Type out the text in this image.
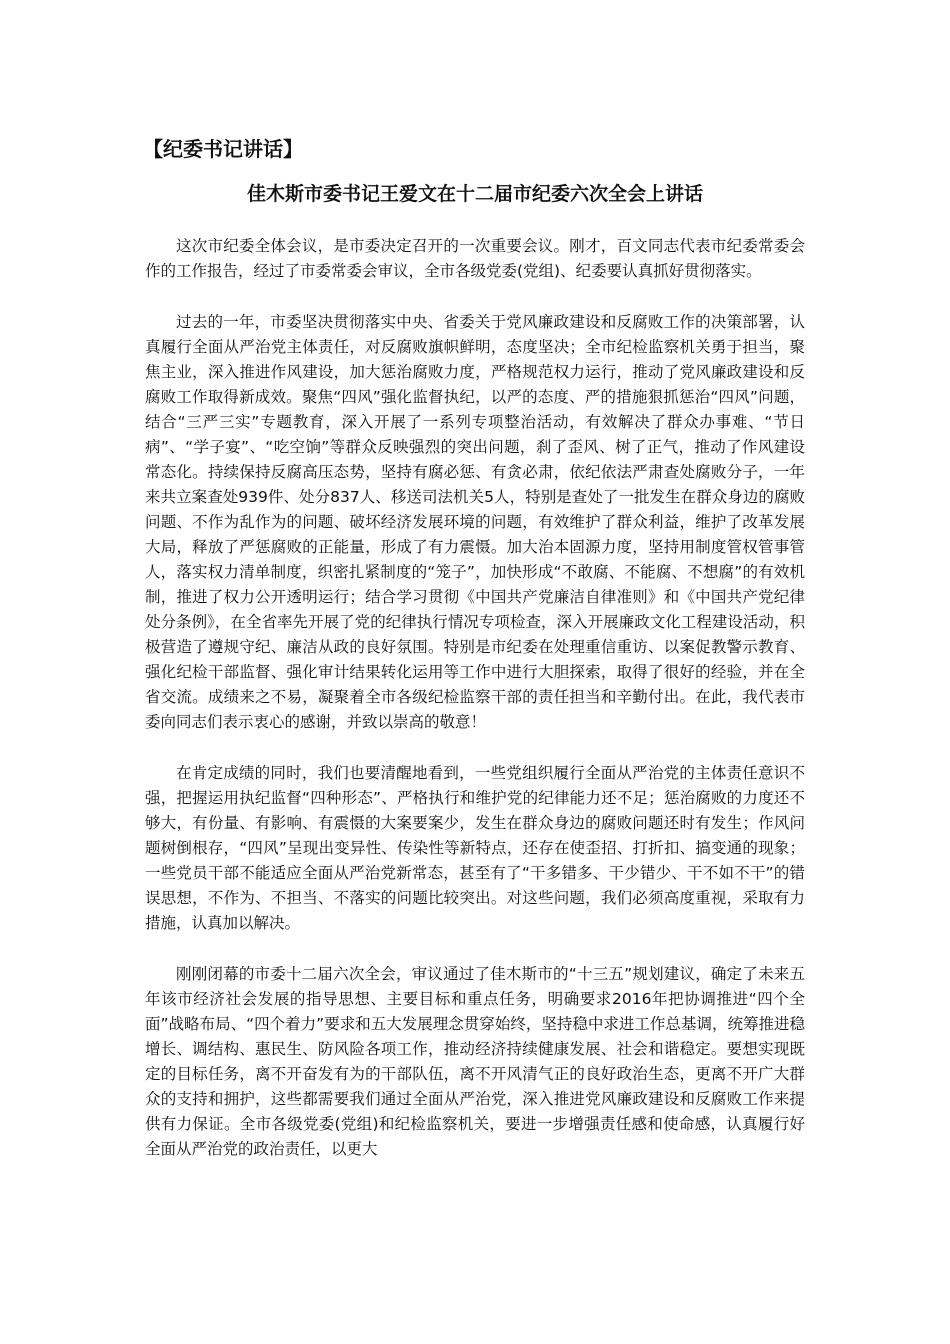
【纪委书记讲话】
佳木斯市委书记王爱文在十二届市纪委六次全会上讲话

这次市纪委全体会议，是市委决定召开的一次重要会议。刚才，百文同志代表市纪委常委会作的工作报告，经过了市委常委会审议，全市各级党委(党组)、纪委要认真抓好贯彻落实。

过去的一年，市委坚决贯彻落实中央、省委关于党风廉政建设和反腐败工作的决策部署，认真履行全面从严治党主体责任，对反腐败旗帜鲜明，态度坚决；全市纪检监察机关勇于担当，聚焦主业，深入推进作风建设，加大惩治腐败力度，严格规范权力运行，推动了党风廉政建设和反腐败工作取得新成效。聚焦“四风”强化监督执纪，以严的态度、严的措施狠抓惩治“四风”问题，结合“三严三实”专题教育，深入开展了一系列专项整治活动，有效解决了群众办事难、“节日病”、“学子宴”、“吃空饷”等群众反映强烈的突出问题，刹了歪风、树了正气，推动了作风建设常态化。持续保持反腐高压态势，坚持有腐必惩、有贪必肃，依纪依法严肃查处腐败分子，一年来共立案查处939件、处分837人、移送司法机关5人，特别是查处了一批发生在群众身边的腐败问题、不作为乱作为的问题、破坏经济发展环境的问题，有效维护了群众利益，维护了改革发展大局，释放了严惩腐败的正能量，形成了有力震慑。加大治本固源力度，坚持用制度管权管事管人，落实权力清单制度，织密扎紧制度的“笼子”，加快形成“不敢腐、不能腐、不想腐”的有效机制，推进了权力公开透明运行；结合学习贯彻《中国共产党廉洁自律准则》和《中国共产党纪律处分条例》，在全省率先开展了党的纪律执行情况专项检查，深入开展廉政文化工程建设活动，积极营造了遵规守纪、廉洁从政的良好氛围。特别是市纪委在处理重信重访、以案促教警示教育、强化纪检干部监督、强化审计结果转化运用等工作中进行大胆探索，取得了很好的经验，并在全省交流。成绩来之不易，凝聚着全市各级纪检监察干部的责任担当和辛勤付出。在此，我代表市委向同志们表示衷心的感谢，并致以崇高的敬意！

在肯定成绩的同时，我们也要清醒地看到，一些党组织履行全面从严治党的主体责任意识不强，把握运用执纪监督“四种形态”、严格执行和维护党的纪律能力还不足；惩治腐败的力度还不够大，有份量、有影响、有震慑的大案要案少，发生在群众身边的腐败问题还时有发生；作风问题树倒根存，“四风”呈现出变异性、传染性等新特点，还存在使歪招、打折扣、搞变通的现象；一些党员干部不能适应全面从严治党新常态，甚至有了“干多错多、干少错少、干不如不干”的错误思想，不作为、不担当、不落实的问题比较突出。对这些问题，我们必须高度重视，采取有力措施，认真加以解决。

刚刚闭幕的市委十二届六次全会，审议通过了佳木斯市的“十三五”规划建议，确定了未来五年该市经济社会发展的指导思想、主要目标和重点任务，明确要求2016年把协调推进“四个全面”战略布局、“四个着力”要求和五大发展理念贯穿始终，坚持稳中求进工作总基调，统筹推进稳增长、调结构、惠民生、防风险各项工作，推动经济持续健康发展、社会和谐稳定。要想实现既定的目标任务，离不开奋发有为的干部队伍，离不开风清气正的良好政治生态，更离不开广大群众的支持和拥护，这些都需要我们通过全面从严治党，深入推进党风廉政建设和反腐败工作来提供有力保证。全市各级党委(党组)和纪检监察机关，要进一步增强责任感和使命感，认真履行好全面从严治党的政治责任，以更大
